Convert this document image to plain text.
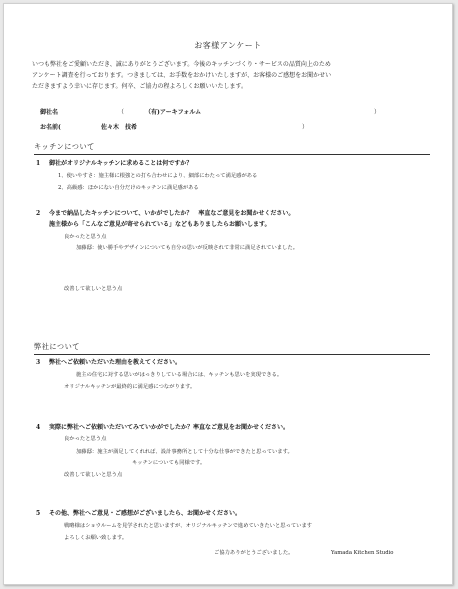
お客様アンケート
いつも弊社をご愛顧いただき、誠にありがとうございます。今後のキッチンづくり・サービスの品質向上のため
アンケート調査を行っております。つきましては、お手数をおかけいたしますが、お客様のご感想をお聞かせい
ただきますよう幸いに存じます。何卒、ご協力の程よろしくお願いいたします。
御社名	（	（有)アーキフォルム	）
お名前(	佐々木　技希	）
キッチンについて
1 御社がオリジナルキッチンに求めることは何ですか？
1、使いやすさ：施主様に根強との打ち合わせにより、細部にわたって満足感がある
2、高級感：ほかにない自分だけのキッチンに満足感がある
2 今まで納品したキッチンについて、いかがでしたか？　率直なご意見をお聞かせください。
施主様から「こんなご意見が寄せられている」などもありましたらお願いします。
良かったと思う点
加藤邸：使い勝手やデザインについても自分の思いが反映されて非常に満足されていました。
改善して欲しいと思う点
弊社について
3 弊社へご依頼いただいた理由を教えてください。
施主の住宅に対する思いがはっきりしている場合には、キッチンも思いを実現できる。
オリジナルキッチンが最終的に満足感につながります。
4 実際に弊社へご依頼いただいてみていかがでしたか？率直なご意見をお聞かせください。
良かったと思う点
加藤邸：施主が満足してくれれば、設計事務所として十分な仕事ができたと思っています。
キッチンについても同様です。
改善して欲しいと思う点
5 その他、弊社へご意見・ご感想がございましたら、お聞かせください。
戦略様はショウルームを見学されたと思いますが、オリジナルキッチンで進めていきたいと思っています
よろしくお願い致します。
ご協力ありがとうございました。	Yamada Kitchen Studio
